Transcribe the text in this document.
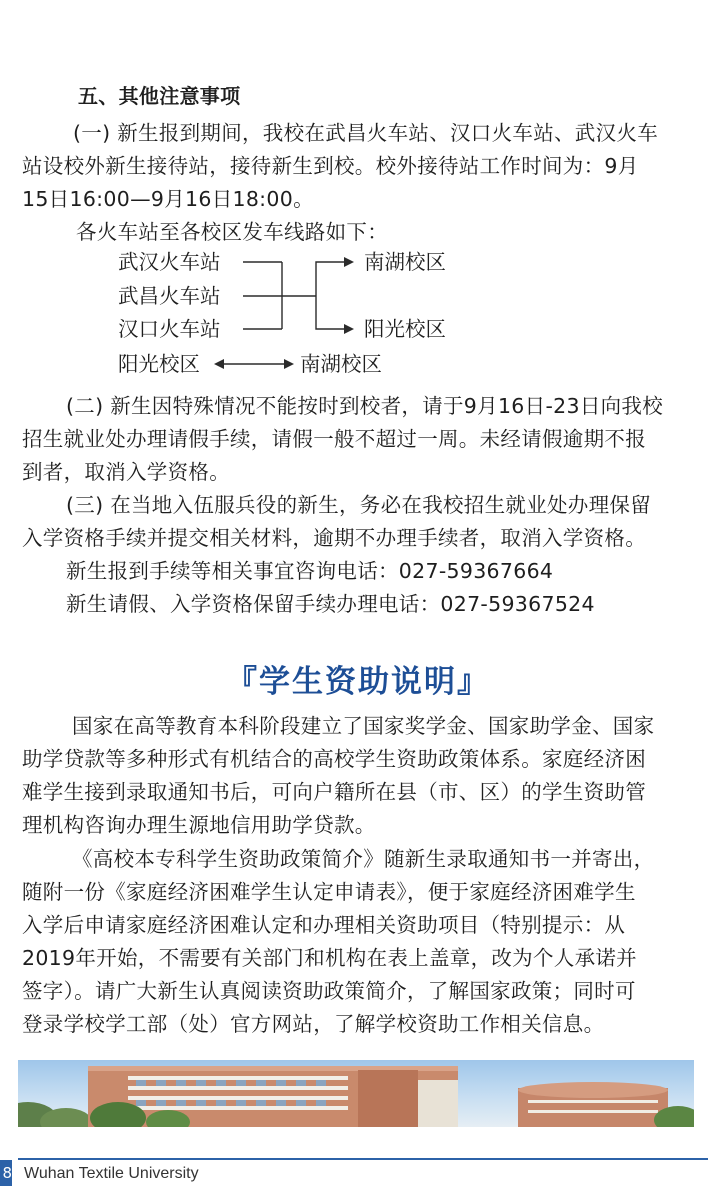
五、其他注意事项
(一) 新生报到期间，我校在武昌火车站、汉口火车站、武汉火车
站设校外新生接待站，接待新生到校。校外接待站工作时间为：9月
15日16:00—9月16日18:00。
各火车站至各校区发车线路如下：
武汉火车站
武昌火车站
汉口火车站
南湖校区
阳光校区
阳光校区	南湖校区
(二) 新生因特殊情况不能按时到校者，请于9月16日-23日向我校
招生就业处办理请假手续，请假一般不超过一周。未经请假逾期不报
到者，取消入学资格。
(三) 在当地入伍服兵役的新生，务必在我校招生就业处办理保留
入学资格手续并提交相关材料，逾期不办理手续者，取消入学资格。
新生报到手续等相关事宜咨询电话：027-59367664
新生请假、入学资格保留手续办理电话：027-59367524
『学生资助说明』
国家在高等教育本科阶段建立了国家奖学金、国家助学金、国家
助学贷款等多种形式有机结合的高校学生资助政策体系。家庭经济困
难学生接到录取通知书后，可向户籍所在县（市、区）的学生资助管
理机构咨询办理生源地信用助学贷款。
《高校本专科学生资助政策简介》随新生录取通知书一并寄出，
随附一份《家庭经济困难学生认定申请表》，便于家庭经济困难学生
入学后申请家庭经济困难认定和办理相关资助项目（特别提示：从
2019年开始，不需要有关部门和机构在表上盖章，改为个人承诺并
签字）。请广大新生认真阅读资助政策简介，了解国家政策；同时可
登录学校学工部（处）官方网站，了解学校资助工作相关信息。
8 Wuhan Textile University
